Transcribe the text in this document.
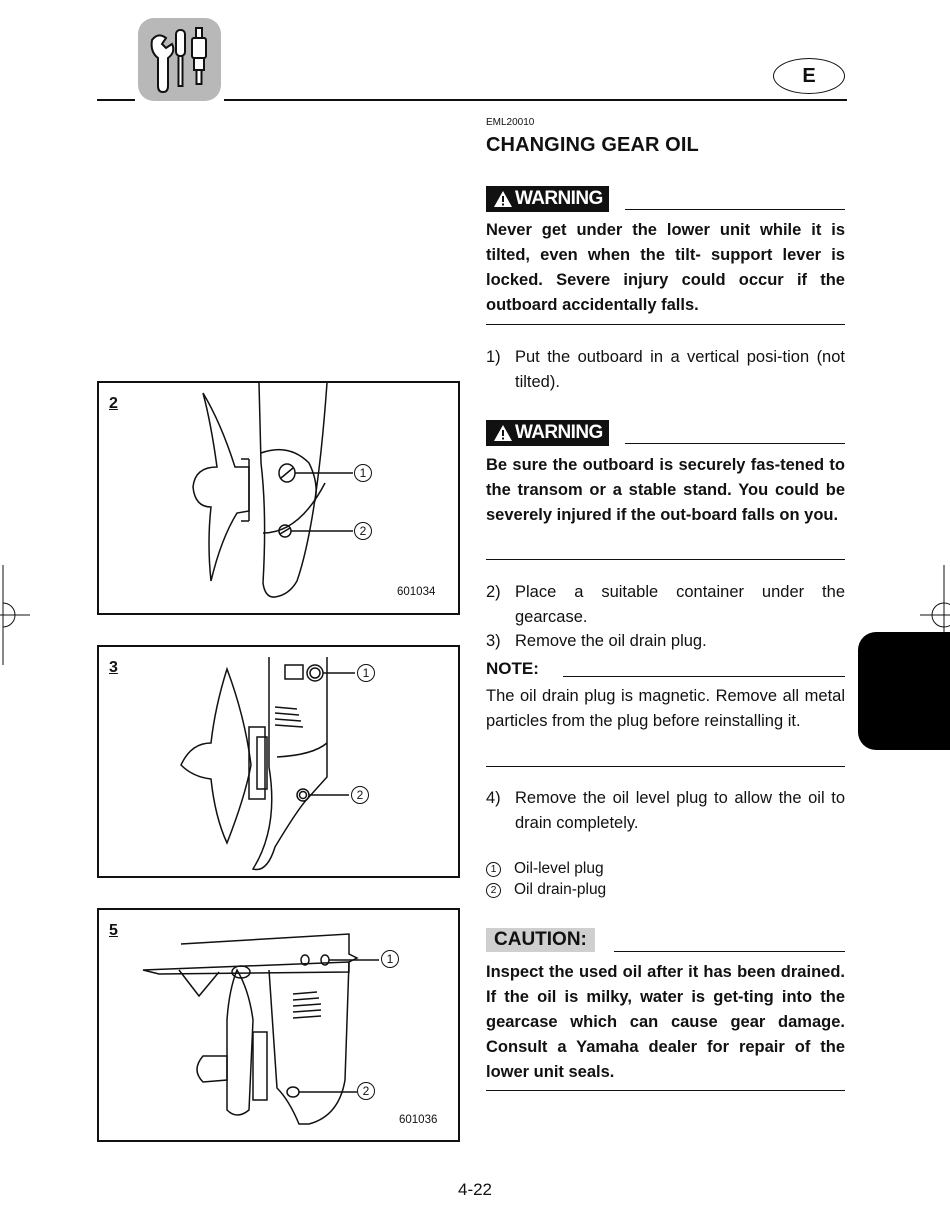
E
EML20010
CHANGING GEAR OIL
WARNING
Never get under the lower unit while it is tilted, even when the tilt- support lever is locked. Severe injury could occur if the outboard accidentally falls.
1) Put the outboard in a vertical posi-tion (not tilted).
WARNING
Be sure the outboard is securely fas-tened to the transom or a stable stand. You could be severely injured if the out-board falls on you.
2) Place a suitable container under the gearcase.
3) Remove the oil drain plug.
NOTE:
The oil drain plug is magnetic. Remove all metal particles from the plug before reinstalling it.
4) Remove the oil level plug to allow the oil to drain completely.
1 Oil-level plug
2 Oil drain-plug
CAUTION:
Inspect the used oil after it has been drained. If the oil is milky, water is get-ting into the gearcase which can cause gear damage. Consult a Yamaha dealer for repair of the lower unit seals.
2
1
2
601034
3	1
2
5
1
2
601036
4-22
